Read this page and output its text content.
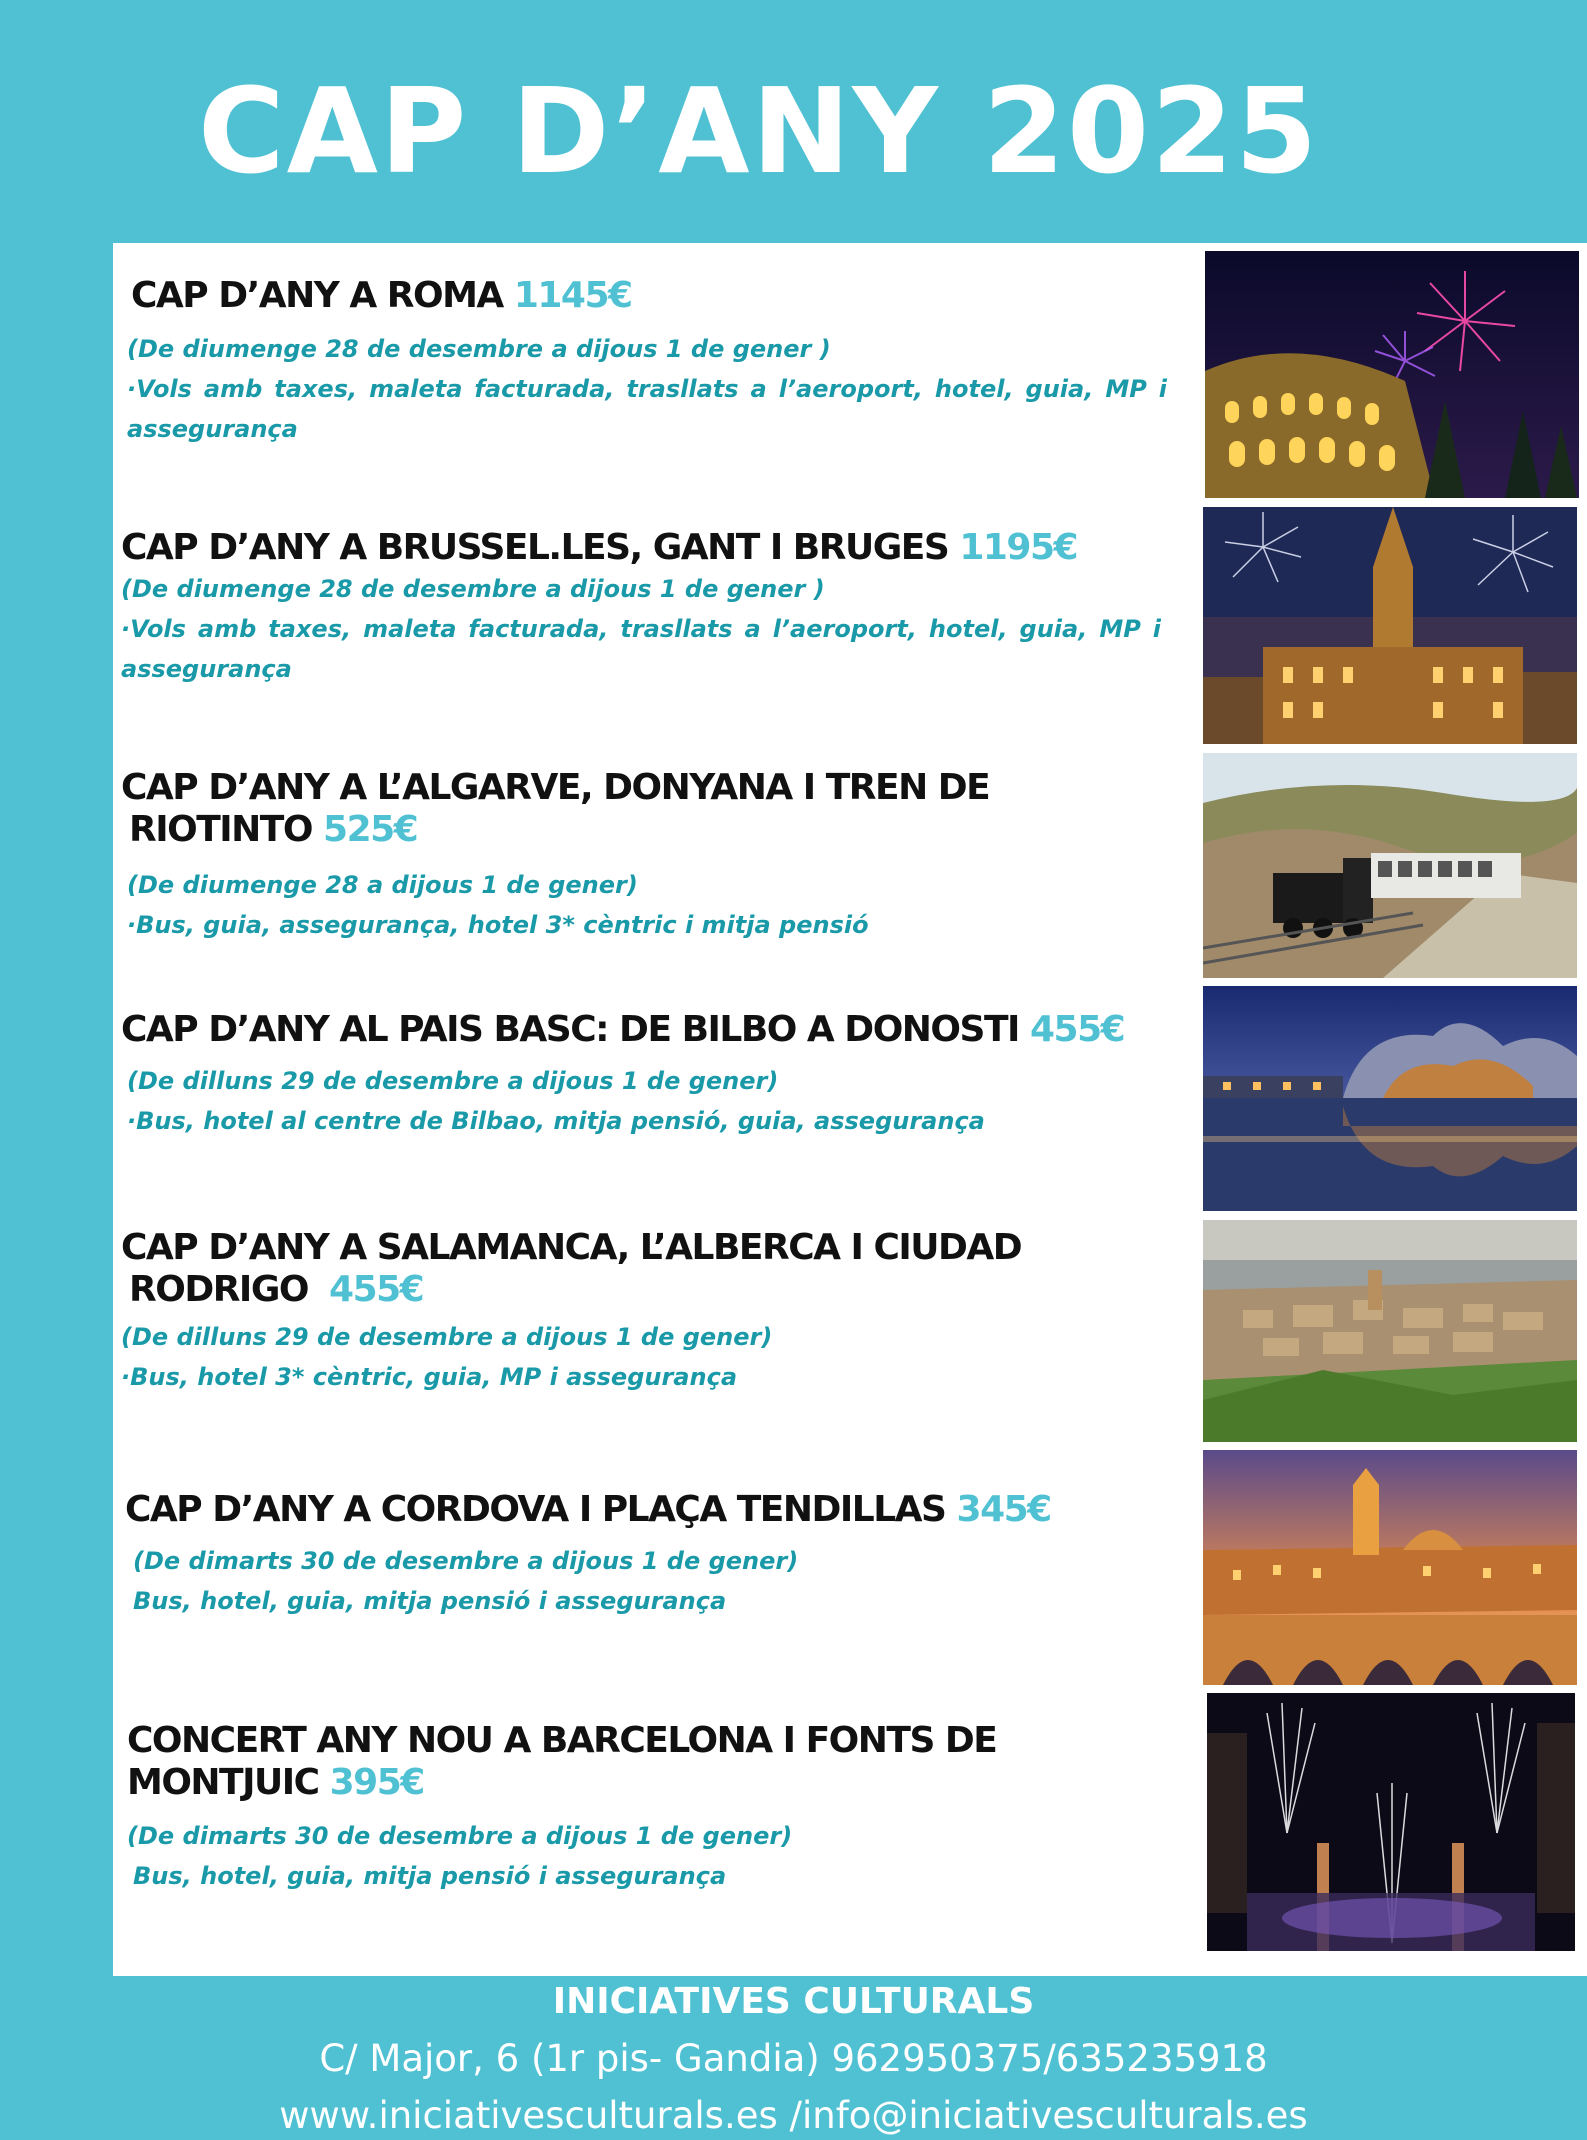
CAP D’ANY 2025

CAP D’ANY A ROMA 1145€

(De diumenge 28 de desembre a dijous 1 de gener )

·Vols amb taxes, maleta facturada, trasllats a l’aeroport, hotel, guia, MP i assegurança

CAP D’ANY A BRUSSEL.LES, GANT I BRUGES 1195€

(De diumenge 28 de desembre a dijous 1 de gener )

·Vols amb taxes, maleta facturada, trasllats a l’aeroport, hotel, guia, MP i assegurança

CAP D’ANY A L’ALGARVE, DONYANA I TREN DE

RIOTINTO 525€

(De diumenge 28 a dijous 1 de gener)

·Bus, guia, assegurança, hotel 3* cèntric i mitja pensió

CAP D’ANY AL PAIS BASC: DE BILBO A DONOSTI 455€

(De dilluns 29 de desembre a dijous 1 de gener)

·Bus, hotel al centre de Bilbao, mitja pensió, guia, assegurança

CAP D’ANY A SALAMANCA, L’ALBERCA I CIUDAD

RODRIGO 455€

(De dilluns 29 de desembre a dijous 1 de gener)

·Bus, hotel 3* cèntric, guia, MP i assegurança

CAP D’ANY A CORDOVA I PLAÇA TENDILLAS 345€

(De dimarts 30 de desembre a dijous 1 de gener)

Bus, hotel, guia, mitja pensió i assegurança

CONCERT ANY NOU A BARCELONA I FONTS DE

MONTJUIC 395€

(De dimarts 30 de desembre a dijous 1 de gener)

Bus, hotel, guia, mitja pensió i assegurança

INICIATIVES CULTURALS
C/ Major, 6 (1r pis- Gandia) 962950375/635235918
www.iniciativesculturals.es /info@iniciativesculturals.es
